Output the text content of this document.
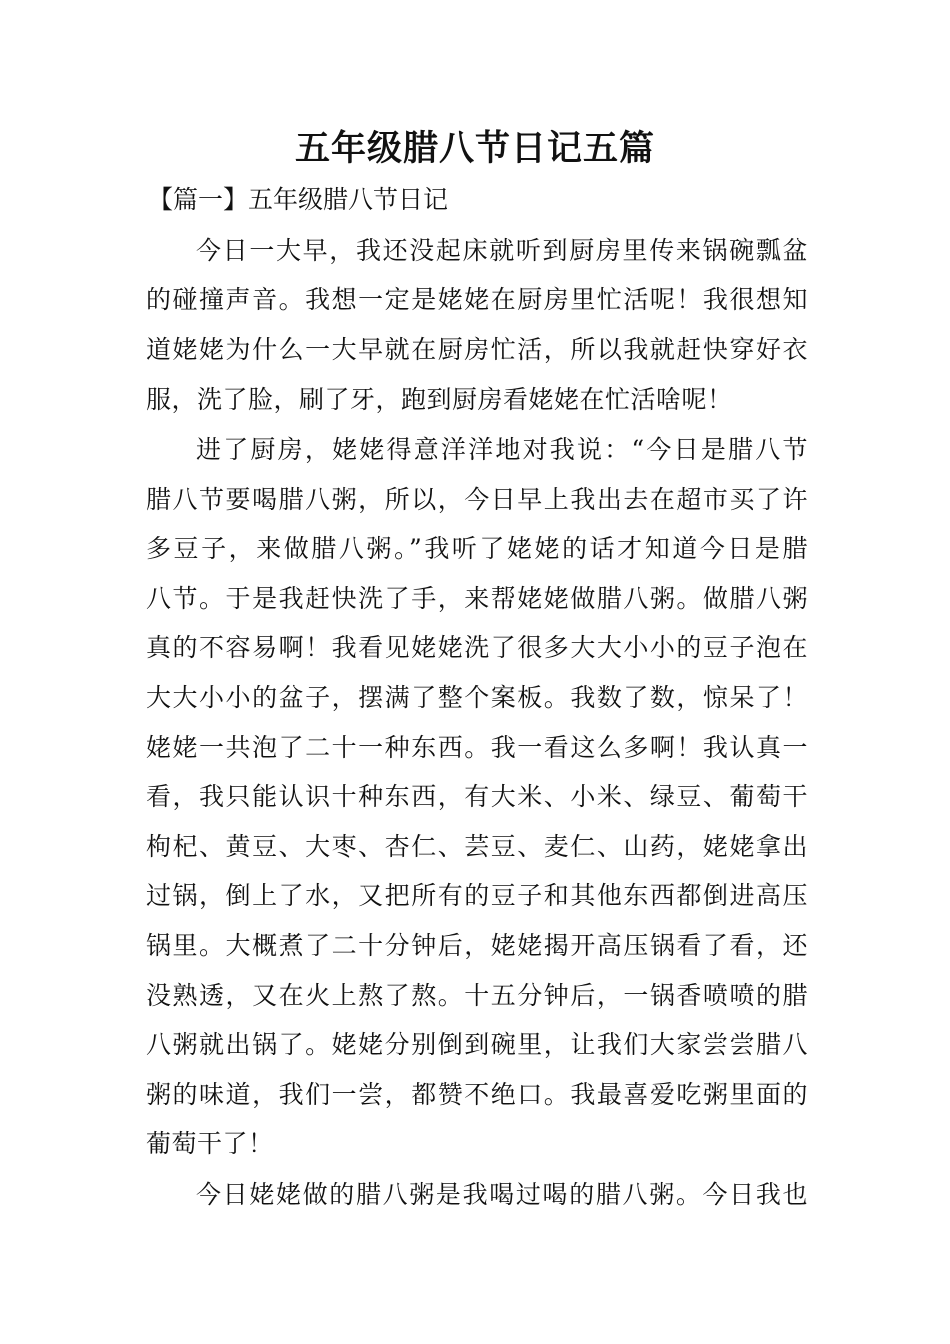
五年级腊八节日记五篇
【篇一】五年级腊八节日记
今日一大早，我还没起床就听到厨房里传来锅碗瓢盆
的碰撞声音。我想一定是姥姥在厨房里忙活呢！我很想知
道姥姥为什么一大早就在厨房忙活，所以我就赶快穿好衣
服，洗了脸，刷了牙，跑到厨房看姥姥在忙活啥呢！
进了厨房，姥姥得意洋洋地对我说：“今日是腊八节
腊八节要喝腊八粥，所以，今日早上我出去在超市买了许
多豆子，来做腊八粥。”我听了姥姥的话才知道今日是腊
八节。于是我赶快洗了手，来帮姥姥做腊八粥。做腊八粥
真的不容易啊！我看见姥姥洗了很多大大小小的豆子泡在
大大小小的盆子，摆满了整个案板。我数了数，惊呆了！
姥姥一共泡了二十一种东西。我一看这么多啊！我认真一
看，我只能认识十种东西，有大米、小米、绿豆、葡萄干
枸杞、黄豆、大枣、杏仁、芸豆、麦仁、山药，姥姥拿出
过锅，倒上了水，又把所有的豆子和其他东西都倒进高压
锅里。大概煮了二十分钟后，姥姥揭开高压锅看了看，还
没熟透，又在火上熬了熬。十五分钟后，一锅香喷喷的腊
八粥就出锅了。姥姥分别倒到碗里，让我们大家尝尝腊八
粥的味道，我们一尝，都赞不绝口。我最喜爱吃粥里面的
葡萄干了！
今日姥姥做的腊八粥是我喝过喝的腊八粥。今日我也
